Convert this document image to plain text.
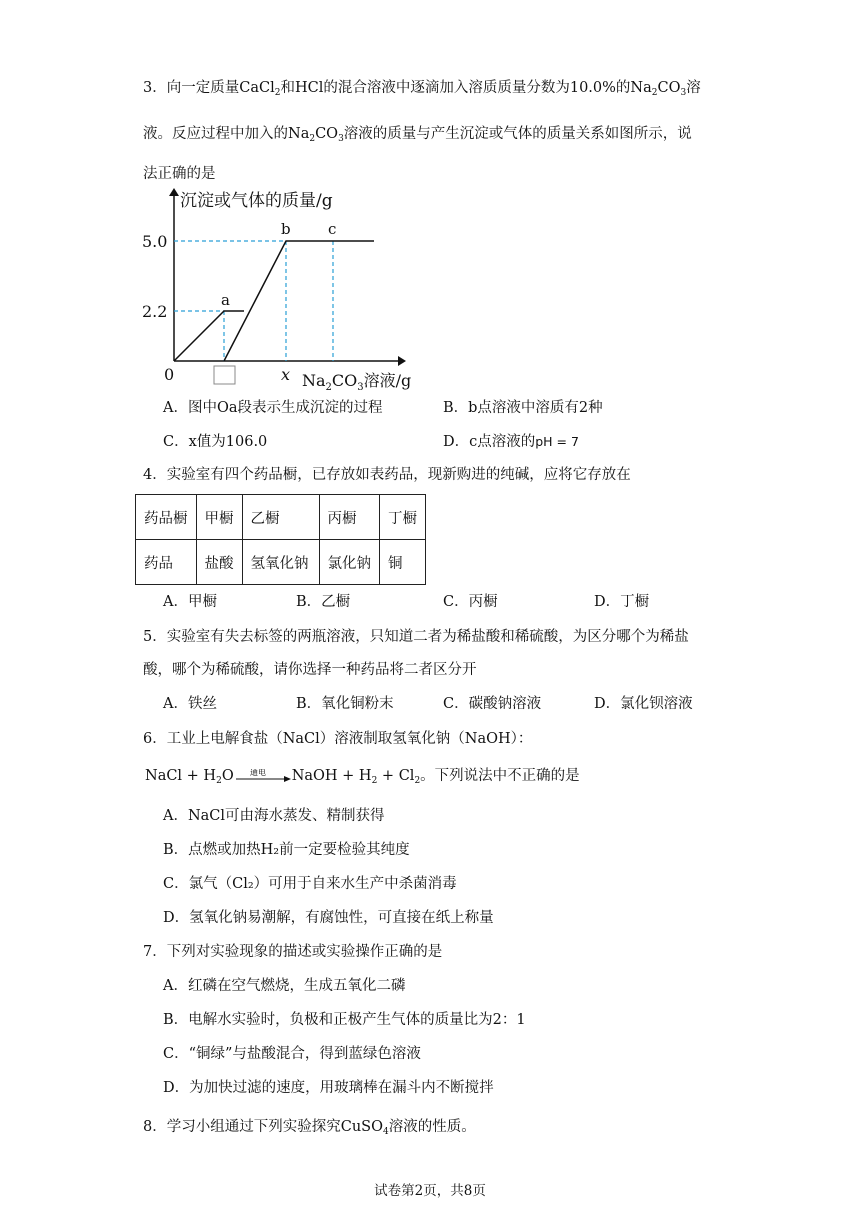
3．向一定质量CaCl$_2$和HCl的混合溶液中逐滴加入溶质质量分数为10.0%的$Na_2CO_3$溶
液。反应过程中加入的$Na_2CO_3$溶液的质量与产生沉淀或气体的质量关系如图所示，说
法正确的是
沉淀或气体的质量/g
5.0
2.2
0
a
b c
x $Na_2CO_3$溶液/g
A．图中Oa段表示生成沉淀的过程	B．b点溶液中溶质有2种
C．x值为106.0	D．c点溶液的pH = 7
4．实验室有四个药品橱，已存放如表药品，现新购进的纯碱，应将它存放在
药品橱	甲橱	乙橱	丙橱	丁橱
药品	盐酸	氢氧化钠	氯化钠	铜
A．甲橱	B．乙橱	C．丙橱	D．丁橱
5．实验室有失去标签的两瓶溶液，只知道二者为稀盐酸和稀硫酸，为区分哪个为稀盐
酸，哪个为稀硫酸，请你选择一种药品将二者区分开
A．铁丝	B．氧化铜粉末	C．碳酸钠溶液	D．氯化钡溶液
6．工业上电解食盐（NaCl）溶液制取氢氧化钠（NaOH）：
NaCl + $H_2O$ 通电 NaOH + $H_2 + Cl_2$。下列说法中不正确的是
A．NaCl可由海水蒸发、精制获得
B．点燃或加热H₂前一定要检验其纯度
C．氯气（Cl₂）可用于自来水生产中杀菌消毒
D．氢氧化钠易潮解，有腐蚀性，可直接在纸上称量
7．下列对实验现象的描述或实验操作正确的是
A．红磷在空气燃烧，生成五氧化二磷
B．电解水实验时，负极和正极产生气体的质量比为2：1
C．“铜绿”与盐酸混合，得到蓝绿色溶液
D．为加快过滤的速度，用玻璃棒在漏斗内不断搅拌
8．学习小组通过下列实验探究CuSO$_4$溶液的性质。
试卷第2页，共8页
